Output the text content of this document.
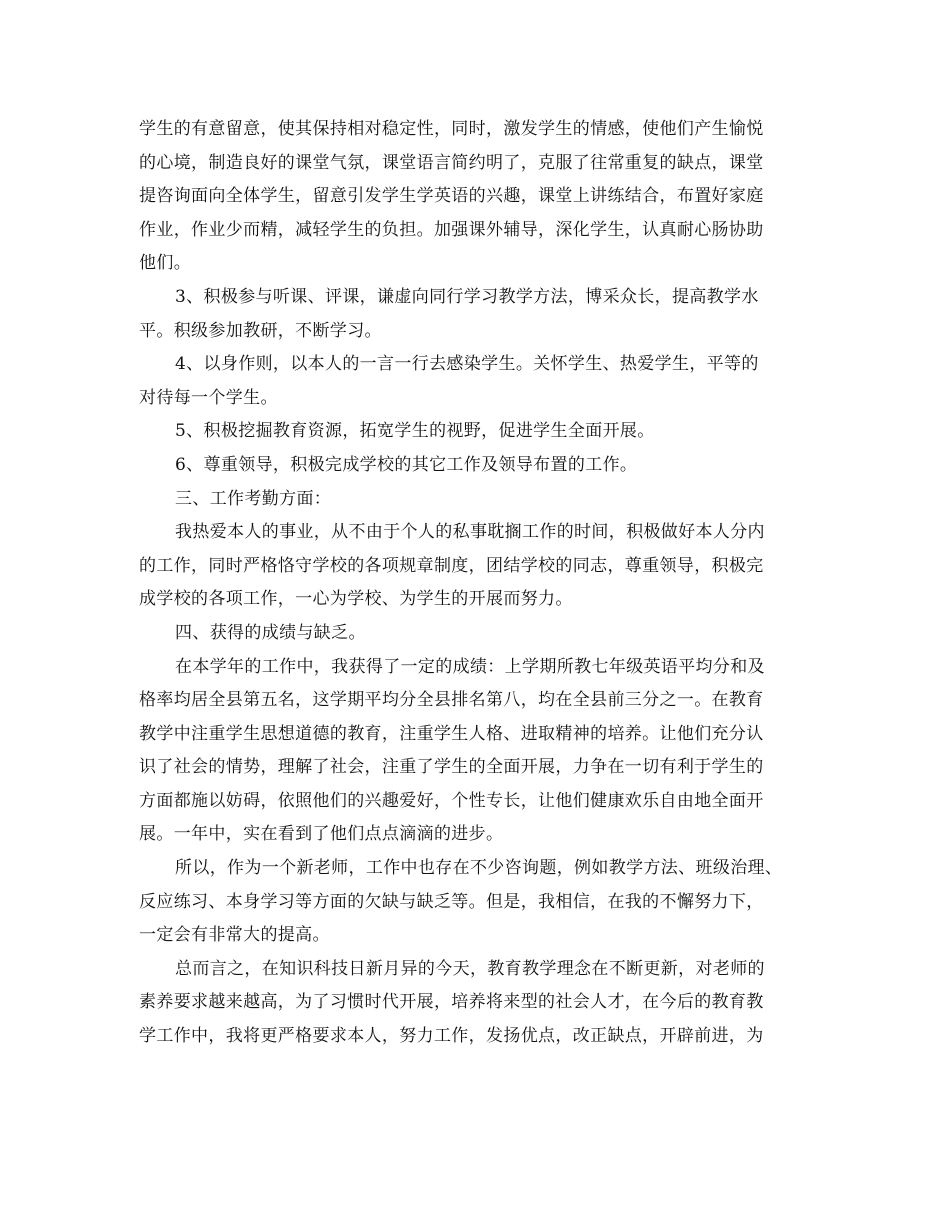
学生的有意留意，使其保持相对稳定性，同时，激发学生的情感，使他们产生愉悦
的心境，制造良好的课堂气氛，课堂语言简约明了，克服了往常重复的缺点，课堂
提咨询面向全体学生，留意引发学生学英语的兴趣，课堂上讲练结合，布置好家庭
作业，作业少而精，减轻学生的负担。加强课外辅导，深化学生，认真耐心肠协助
他们。
3、积极参与听课、评课，谦虚向同行学习教学方法，博采众长，提高教学水
平。积级参加教研，不断学习。
4、以身作则，以本人的一言一行去感染学生。关怀学生、热爱学生，平等的
对待每一个学生。
5、积极挖掘教育资源，拓宽学生的视野，促进学生全面开展。
6、尊重领导，积极完成学校的其它工作及领导布置的工作。
三、工作考勤方面：
我热爱本人的事业，从不由于个人的私事耽搁工作的时间，积极做好本人分内
的工作，同时严格恪守学校的各项规章制度，团结学校的同志，尊重领导，积极完
成学校的各项工作，一心为学校、为学生的开展而努力。
四、获得的成绩与缺乏。
在本学年的工作中，我获得了一定的成绩：上学期所教七年级英语平均分和及
格率均居全县第五名，这学期平均分全县排名第八，均在全县前三分之一。在教育
教学中注重学生思想道德的教育，注重学生人格、进取精神的培养。让他们充分认
识了社会的情势，理解了社会，注重了学生的全面开展，力争在一切有利于学生的
方面都施以妨碍，依照他们的兴趣爱好，个性专长，让他们健康欢乐自由地全面开
展。一年中，实在看到了他们点点滴滴的进步。
所以，作为一个新老师，工作中也存在不少咨询题，例如教学方法、班级治理、
反应练习、本身学习等方面的欠缺与缺乏等。但是，我相信，在我的不懈努力下，
一定会有非常大的提高。
总而言之，在知识科技日新月异的今天，教育教学理念在不断更新，对老师的
素养要求越来越高，为了习惯时代开展，培养将来型的社会人才，在今后的教育教
学工作中，我将更严格要求本人，努力工作，发扬优点，改正缺点，开辟前进，为
